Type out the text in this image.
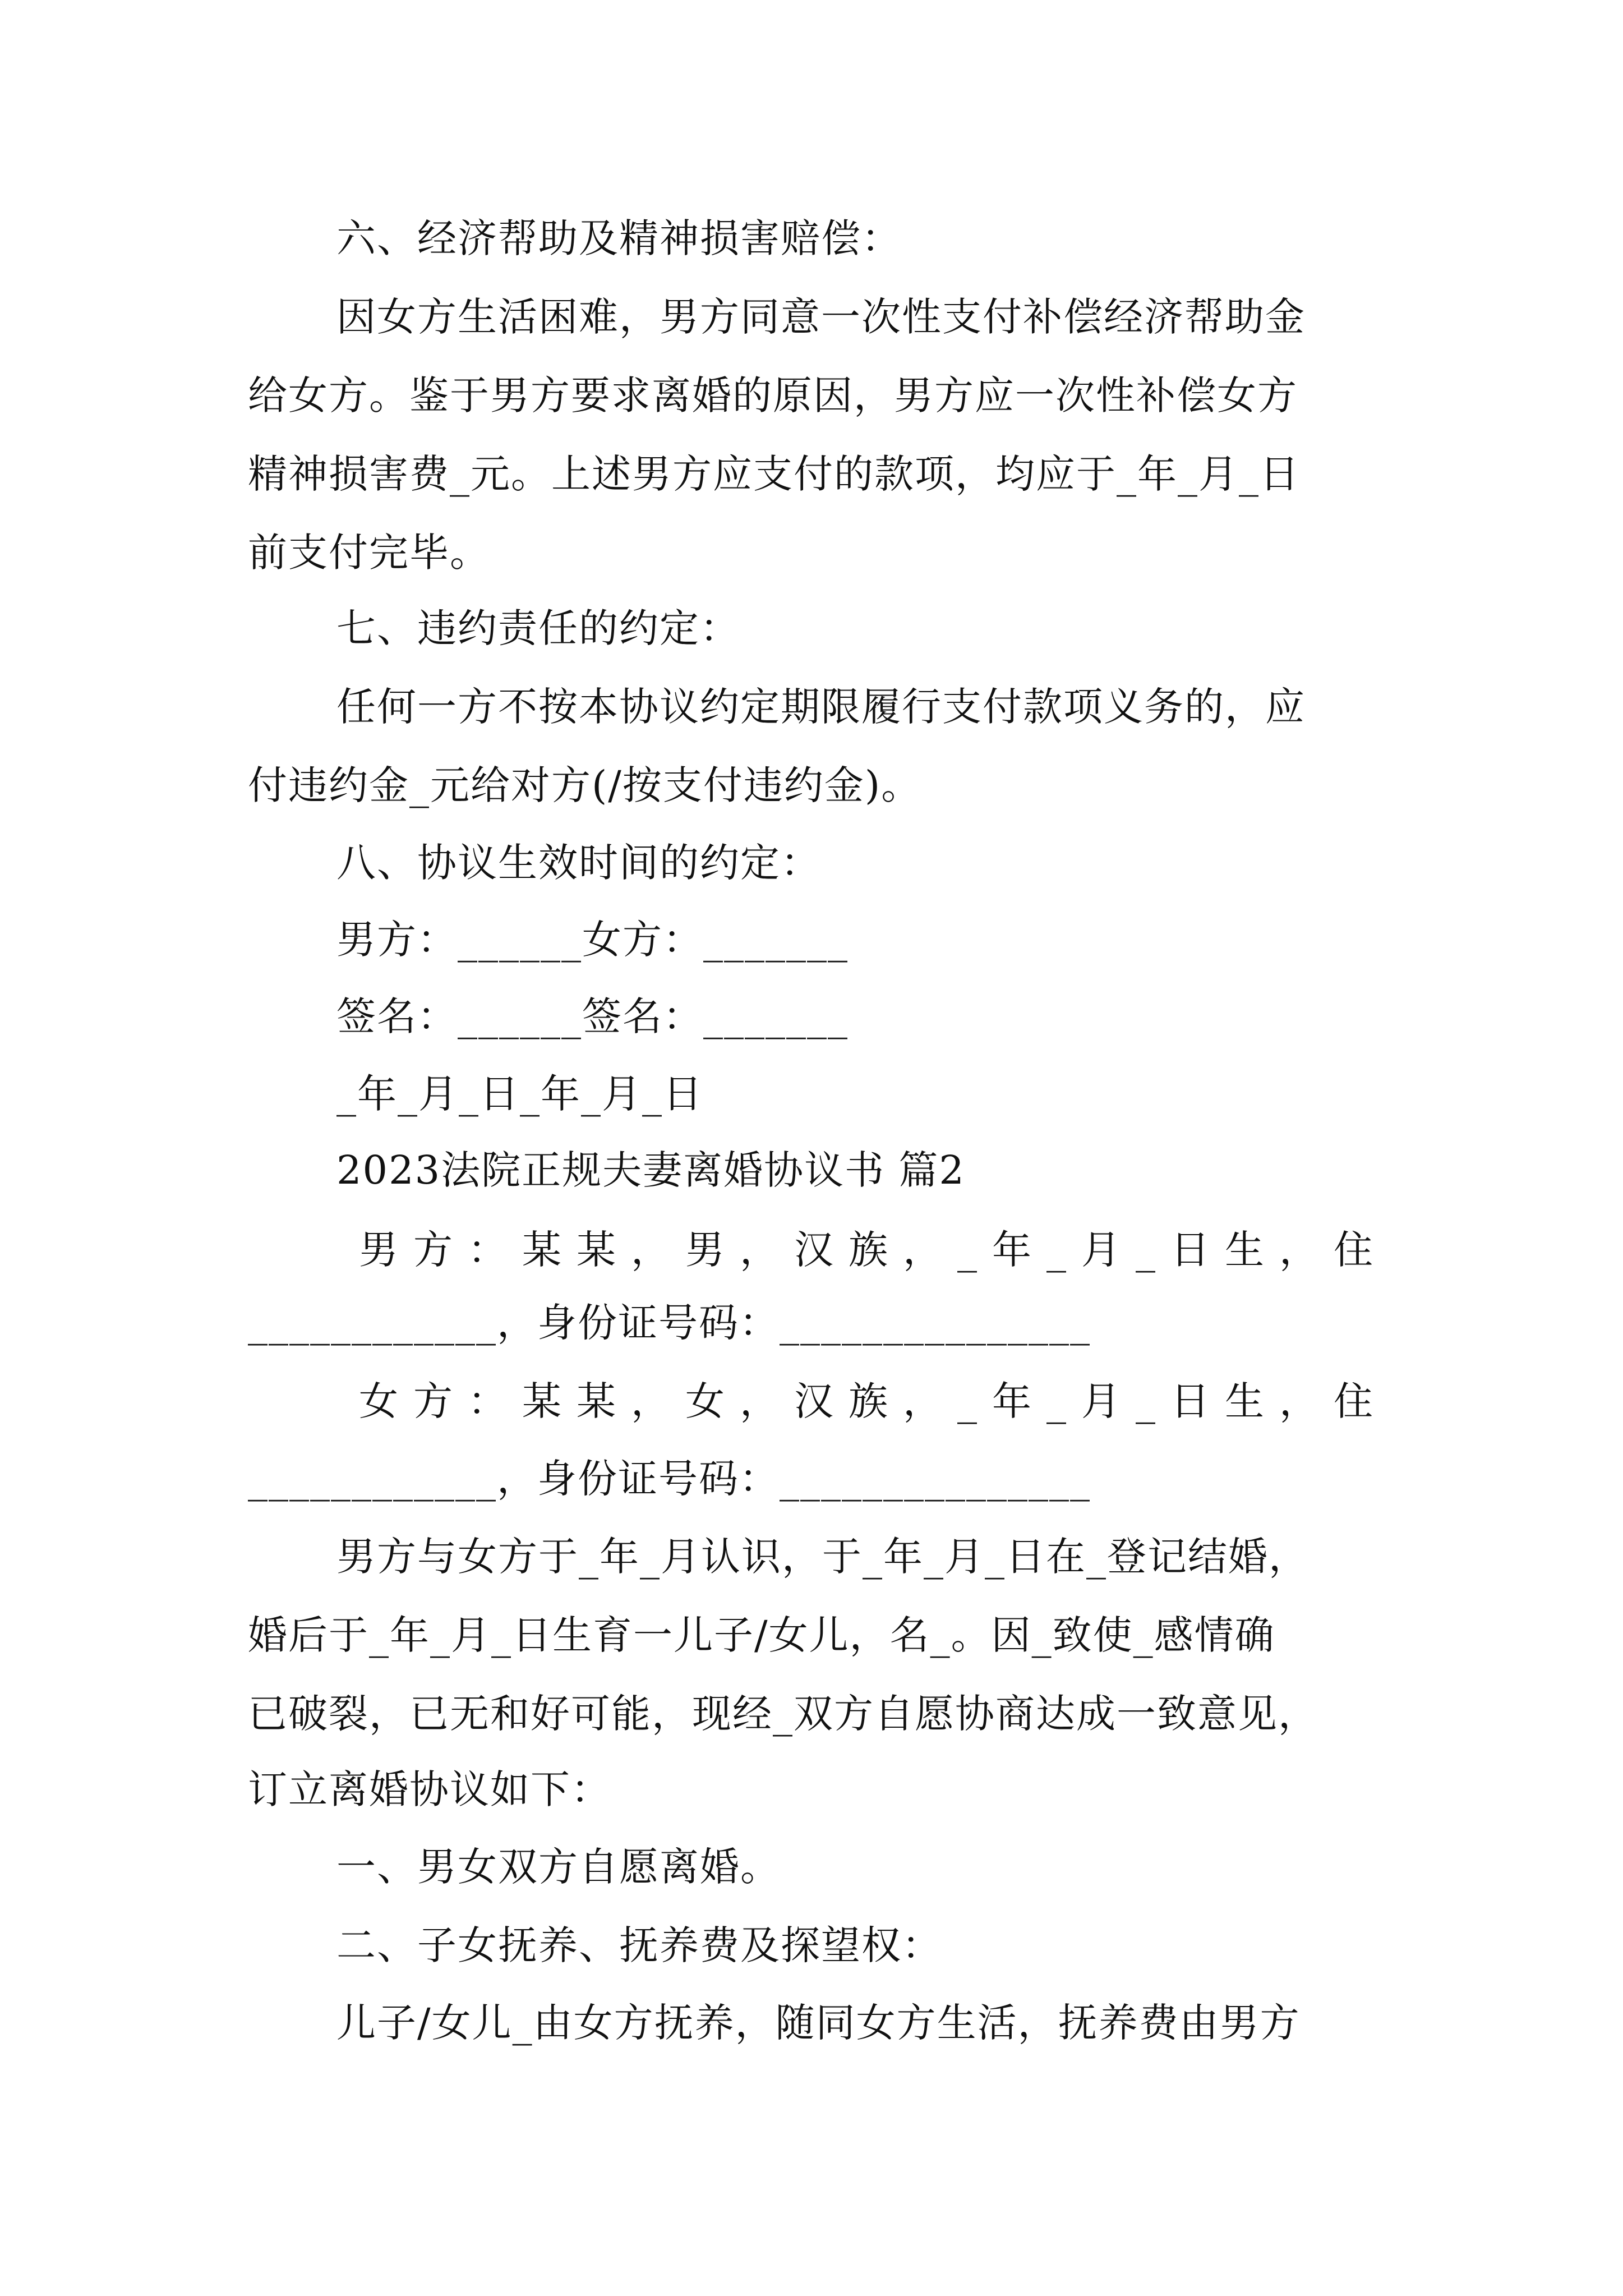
六、经济帮助及精神损害赔偿：

因女方生活困难，男方同意一次性支付补偿经济帮助金

给女方。鉴于男方要求离婚的原因，男方应一次性补偿女方

精神损害费_元。上述男方应支付的款项，均应于_年_月_日

前支付完毕。

七、违约责任的约定：

任何一方不按本协议约定期限履行支付款项义务的，应

付违约金_元给对方(/按支付违约金)。

八、协议生效时间的约定：

男方：______女方：_______

签名：______签名：_______

_年_月_日_年_月_日

2023法院正规夫妻离婚协议书 篇2

男方：某某，男，汉族，_年_月_日生，住

____________，身份证号码：_______________

女方：某某，女，汉族，_年_月_日生，住

____________，身份证号码：_______________

男方与女方于_年_月认识，于_年_月_日在_登记结婚，

婚后于_年_月_日生育一儿子/女儿，名_。因_致使_感情确

已破裂，已无和好可能，现经_双方自愿协商达成一致意见，

订立离婚协议如下：

一、男女双方自愿离婚。

二、子女抚养、抚养费及探望权：

儿子/女儿_由女方抚养，随同女方生活，抚养费由男方
